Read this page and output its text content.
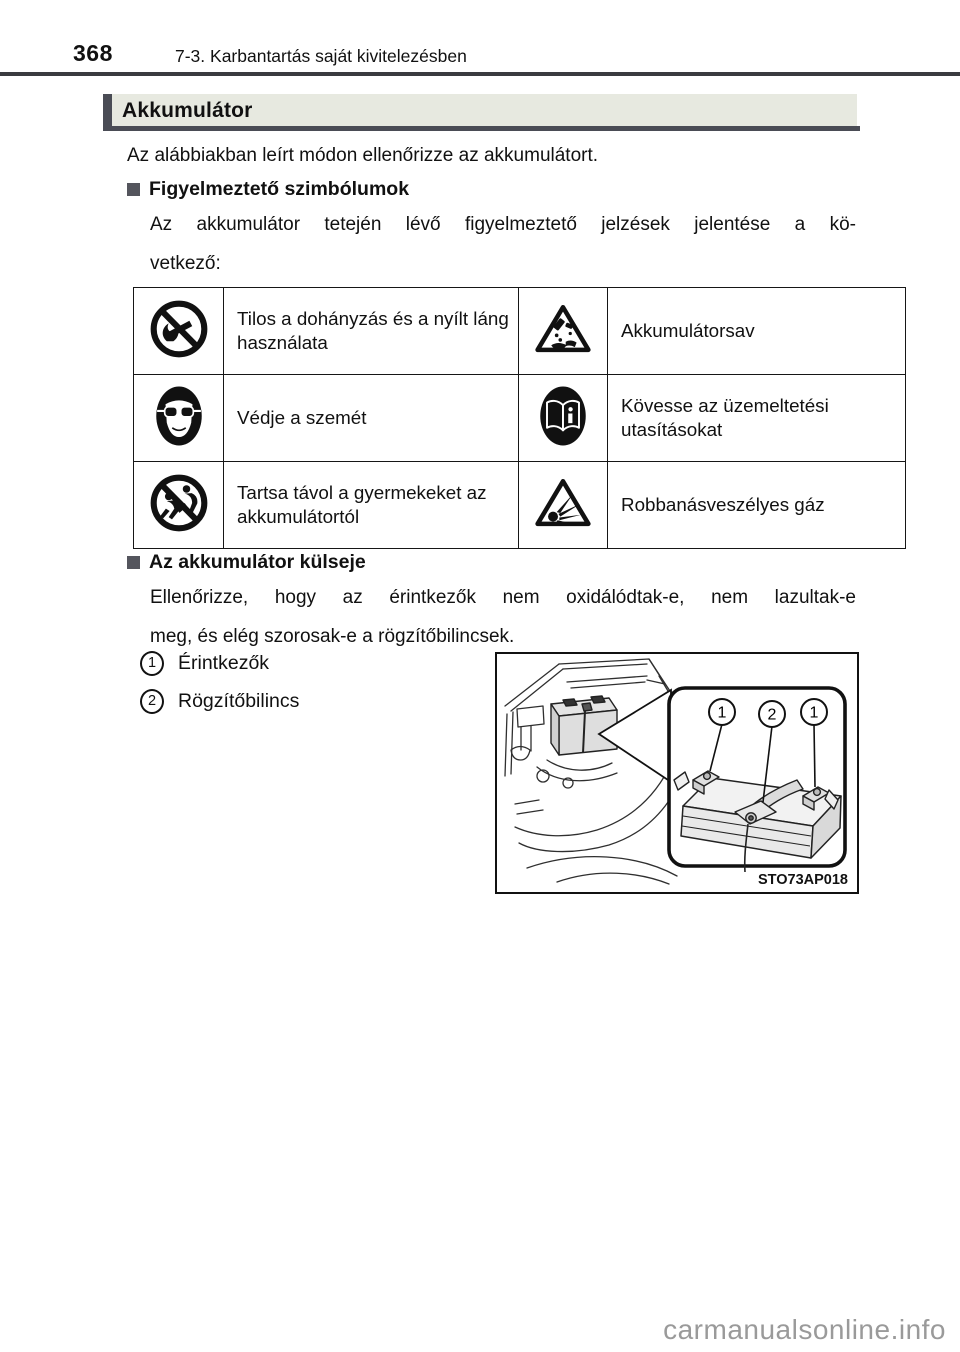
368	7-3. Karbantartás saját kivitelezésben
Akkumulátor
Az alábbiakban leírt módon ellenőrizze az akkumulátort.
Figyelmeztető szimbólumok
Az akkumulátor tetején lévő figyelmeztető jelzések jelentése a kö-
vetkező:
	Tilos a dohányzás és a nyílt láng használata		Akkumulátorsav
	Védje a szemét		Kövesse az üzemeltetési utasításokat
	Tartsa távol a gyermekeket az akkumulátortól		Robbanásveszélyes gáz
Az akkumulátor külseje
Ellenőrizze, hogy az érintkezők nem oxidálódtak-e, nem lazultak-e
meg, és elég szorosak-e a rögzítőbilincsek.
1	Érintkezők
2	Rögzítőbilincs
1	2 1
STO73AP018
carmanualsonline.info
